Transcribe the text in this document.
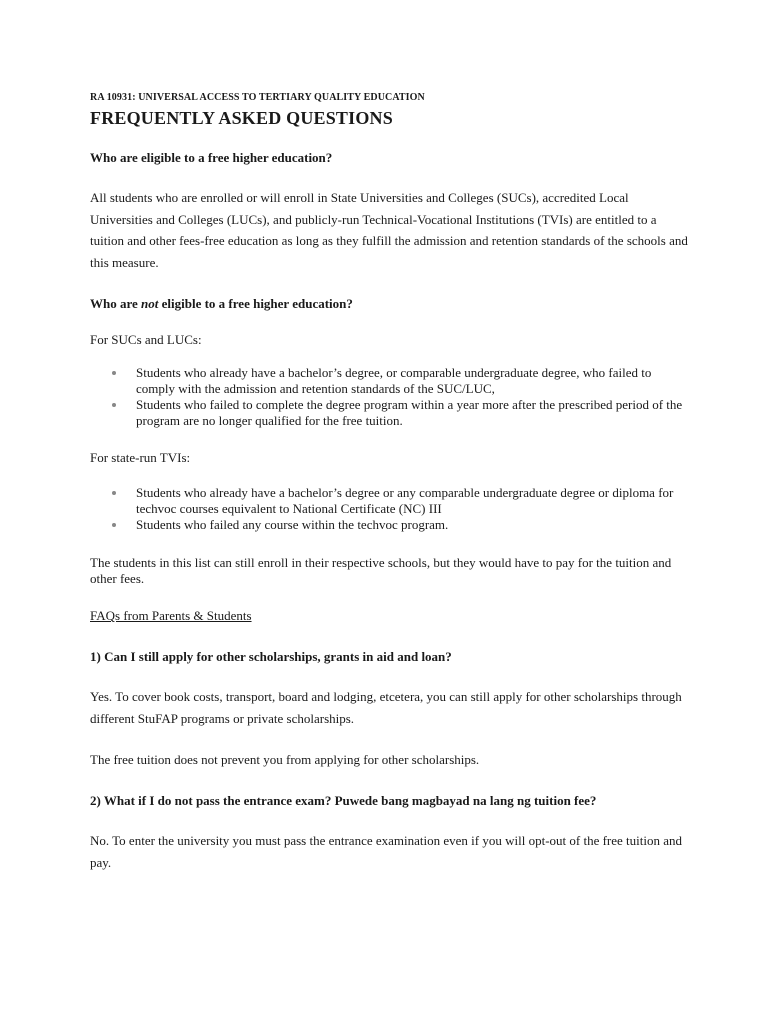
RA 10931: UNIVERSAL ACCESS TO TERTIARY QUALITY EDUCATION
FREQUENTLY ASKED QUESTIONS

Who are eligible to a free higher education?

All students who are enrolled or will enroll in State Universities and Colleges (SUCs), accredited Local Universities and Colleges (LUCs), and publicly-run Technical-Vocational Institutions (TVIs) are entitled to a tuition and other fees-free education as long as they fulfill the admission and retention standards of the schools and this measure.

Who are not eligible to a free higher education?

For SUCs and LUCs:

Students who already have a bachelor’s degree, or comparable undergraduate degree, who failed to comply with the admission and retention standards of the SUC/LUC,
Students who failed to complete the degree program within a year more after the prescribed period of the program are no longer qualified for the free tuition.

For state-run TVIs:

Students who already have a bachelor’s degree or any comparable undergraduate degree or diploma for techvoc courses equivalent to National Certificate (NC) III
Students who failed any course within the techvoc program.

The students in this list can still enroll in their respective schools, but they would have to pay for the tuition and other fees.

FAQs from Parents & Students

1) Can I still apply for other scholarships, grants in aid and loan?

Yes. To cover book costs, transport, board and lodging, etcetera, you can still apply for other scholarships through different StuFAP programs or private scholarships.

The free tuition does not prevent you from applying for other scholarships.

2) What if I do not pass the entrance exam? Puwede bang magbayad na lang ng tuition fee?

No. To enter the university you must pass the entrance examination even if you will opt-out of the free tuition and pay.
